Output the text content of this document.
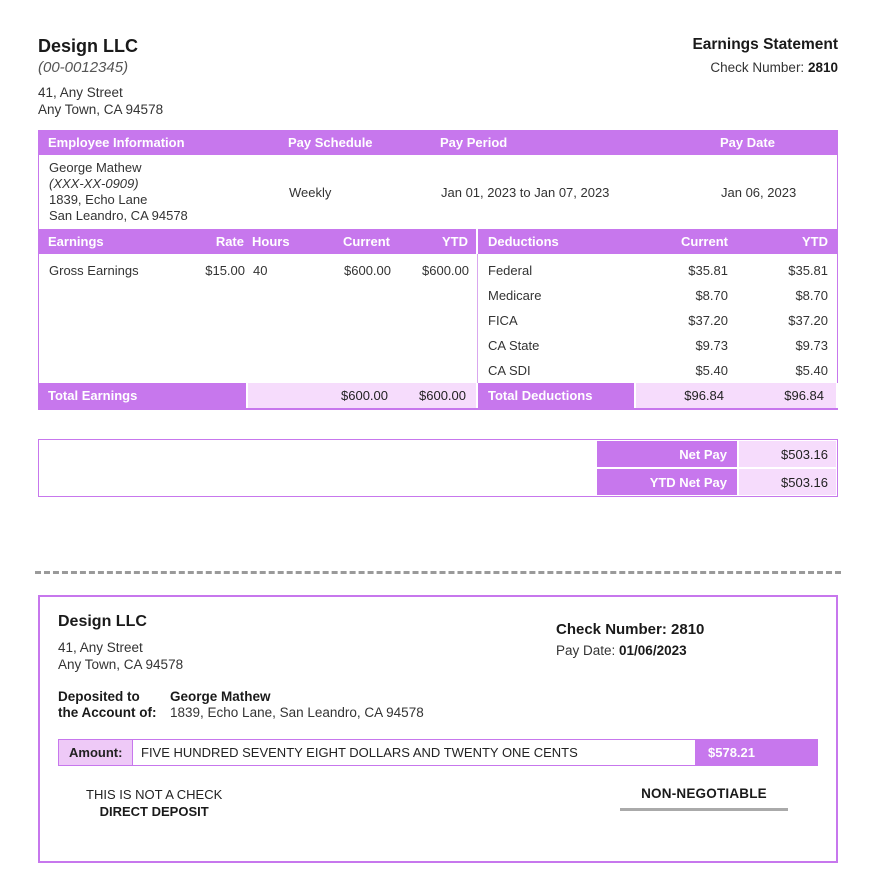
Design LLC
(00-0012345)
41, Any Street
Any Town, CA 94578
Earnings Statement
Check Number: 2810
Employee Information	Pay Schedule	Pay Period	Pay Date
George Mathew
(XXX-XX-0909)
1839, Echo Lane
San Leandro, CA 94578
Weekly	Jan 01, 2023 to Jan 07, 2023	Jan 06, 2023
Earnings	Rate Hours	Current	YTD Deductions	Current	YTD
Gross Earnings	$15.00 40	$600.00	$600.00 Federal	$35.81	$35.81
Medicare	$8.70	$8.70
FICA	$37.20	$37.20
CA State	$9.73	$9.73
CA SDI	$5.40	$5.40
Total Earnings	$600.00	$600.00	Total Deductions	$96.84	$96.84
Net Pay	$503.16
YTD Net Pay	$503.16
Design LLC
41, Any Street
Any Town, CA 94578
Check Number: 2810
Pay Date: 01/06/2023
Deposited to
the Account of:
George Mathew
1839, Echo Lane, San Leandro, CA 94578
Amount:	FIVE HUNDRED SEVENTY EIGHT DOLLARS AND TWENTY ONE CENTS	$578.21
THIS IS NOT A CHECK
DIRECT DEPOSIT
NON-NEGOTIABLE
